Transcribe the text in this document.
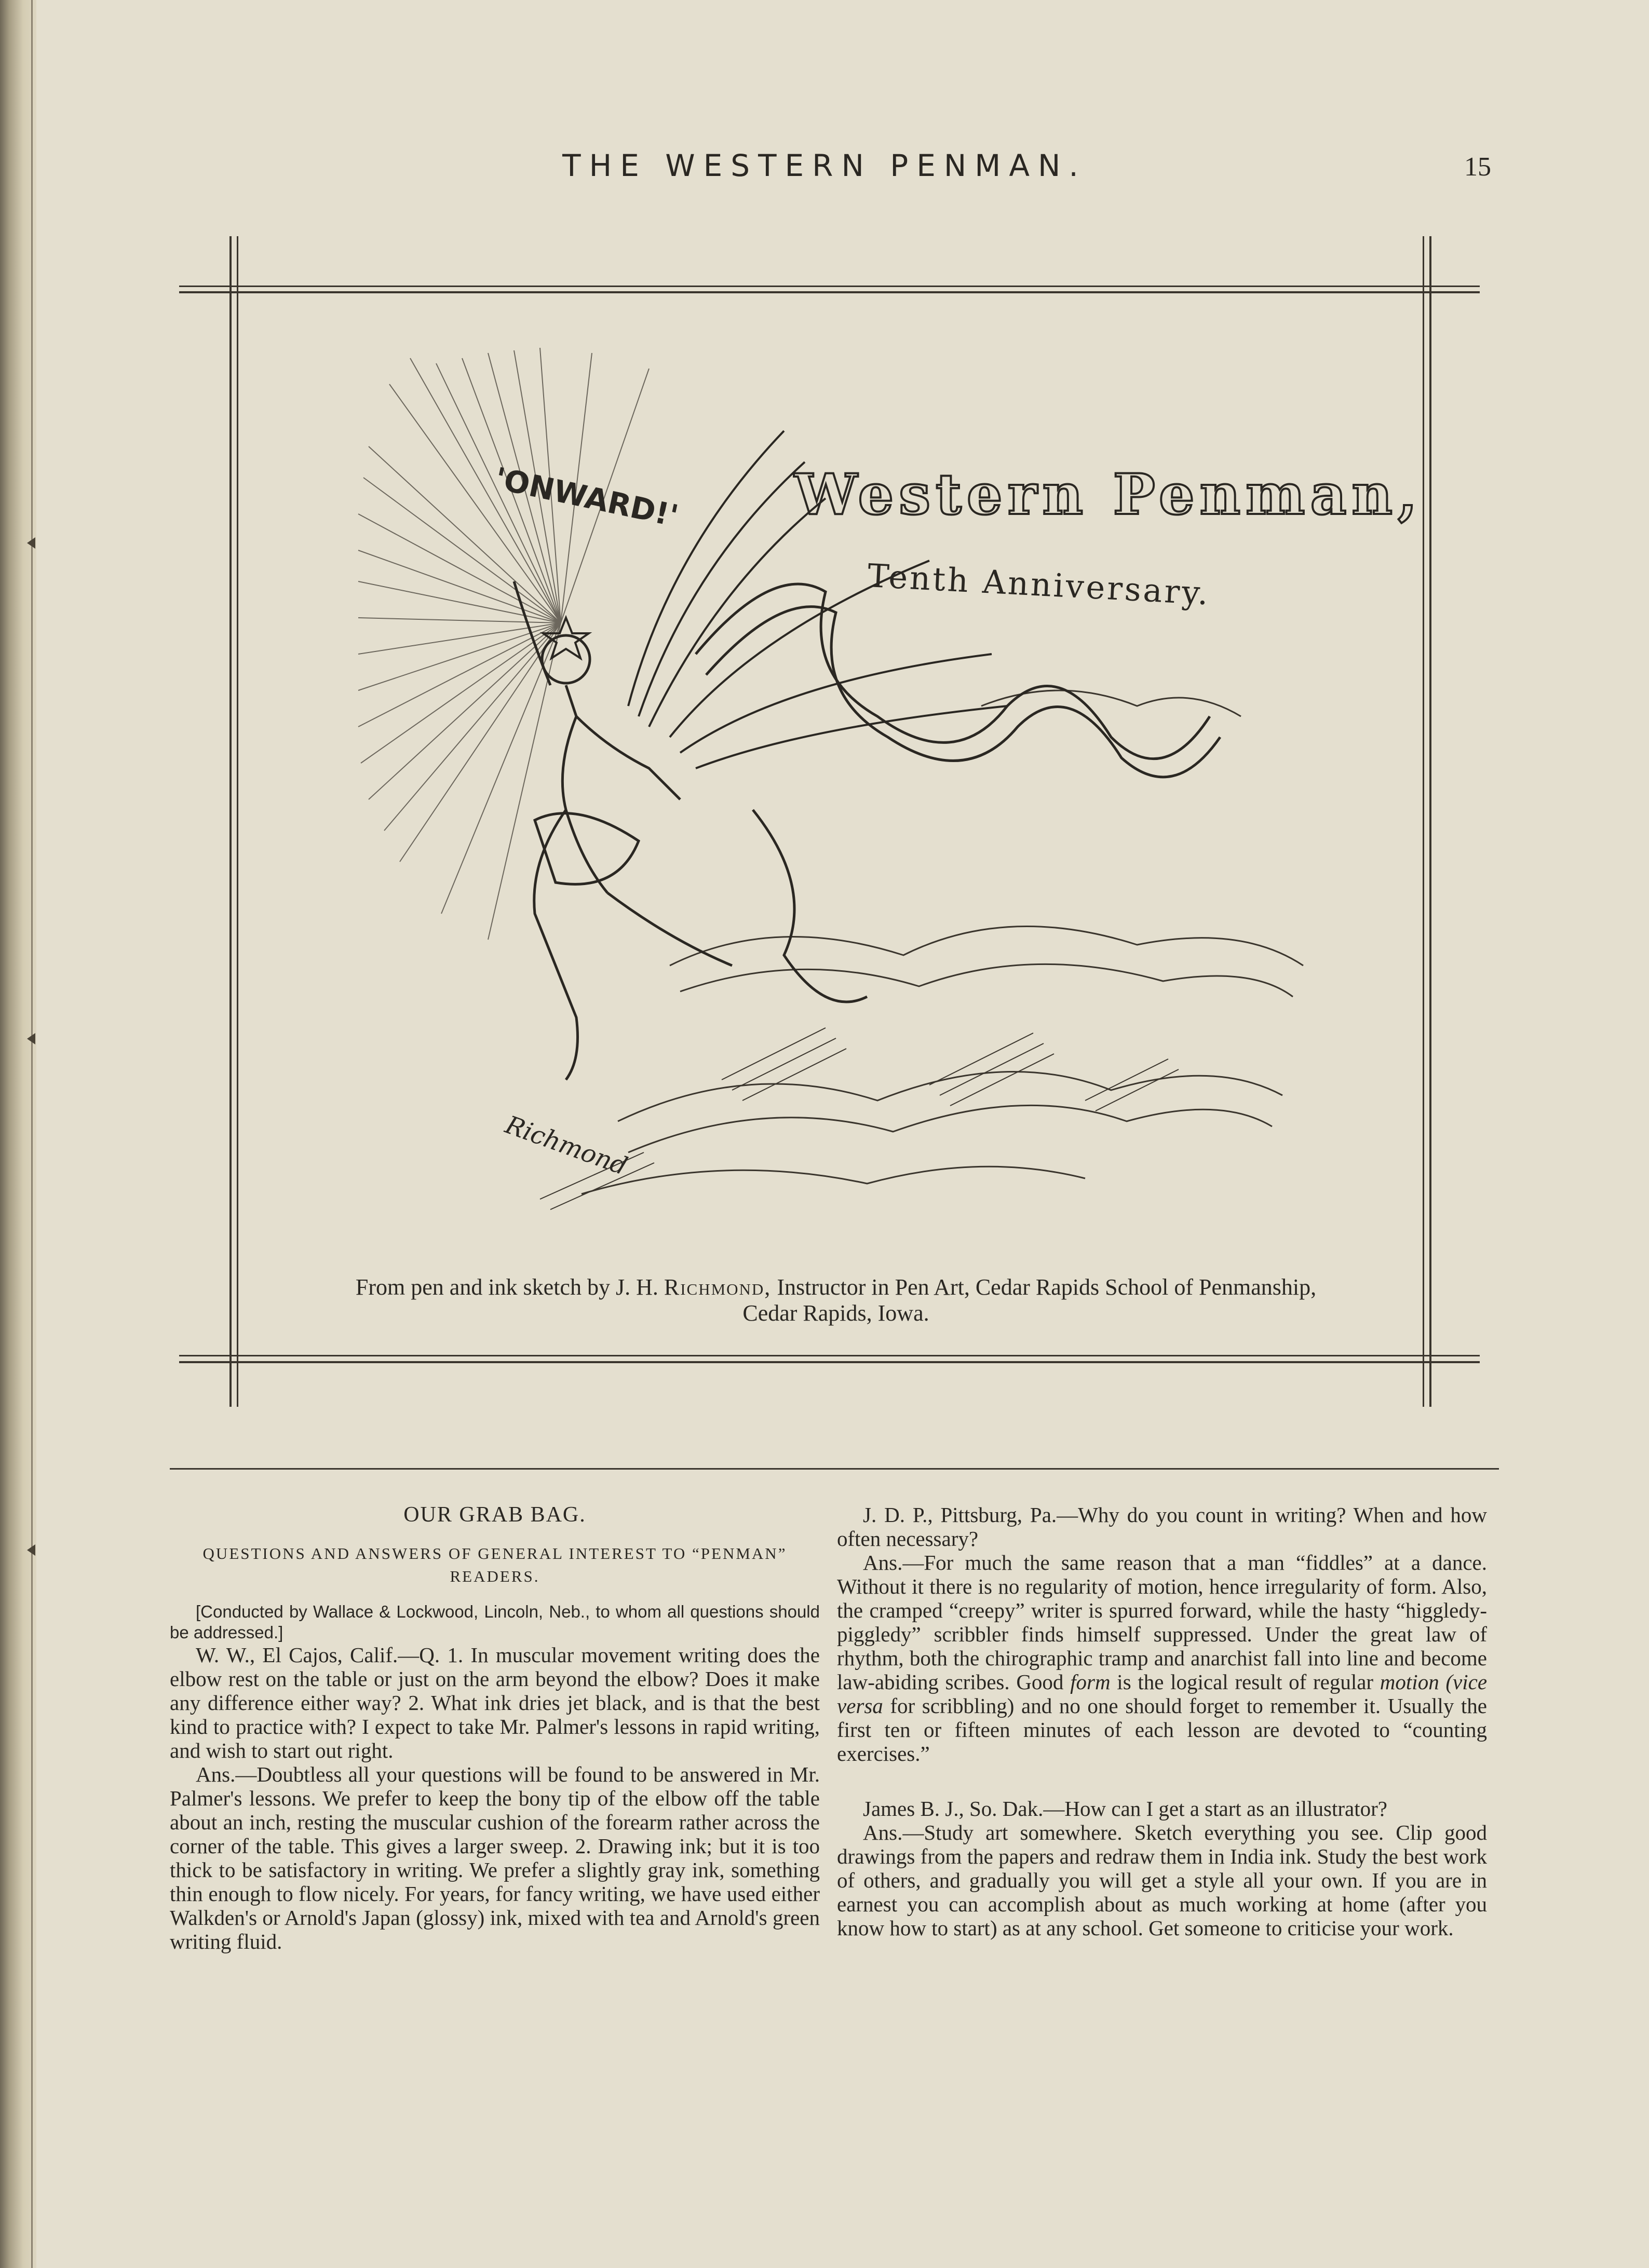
THE WESTERN PENMAN.	15
'ONWARD!' Western Penman,
Tenth Anniversary.
Richmond
From pen and ink sketch by J. H. Richmond, Instructor in Pen Art, Cedar Rapids School of Penmanship,
Cedar Rapids, Iowa.
OUR GRAB BAG.
QUESTIONS AND ANSWERS OF GENERAL INTEREST TO “PENMAN” READERS.

[Conducted by Wallace & Lockwood, Lincoln, Neb., to whom all questions should be addressed.]

W. W., El Cajos, Calif.—Q. 1. In muscular movement writing does the elbow rest on the table or just on the arm beyond the elbow? Does it make any difference either way? 2. What ink dries jet black, and is that the best kind to practice with? I expect to take Mr. Palmer's lessons in rapid writing, and wish to start out right.

Ans.—Doubtless all your questions will be found to be answered in Mr. Palmer's lessons. We prefer to keep the bony tip of the elbow off the table about an inch, resting the muscular cushion of the forearm rather across the corner of the table. This gives a larger sweep. 2. Drawing ink; but it is too thick to be satisfactory in writing. We prefer a slightly gray ink, something thin enough to flow nicely. For years, for fancy writing, we have used either Walkden's or Arnold's Japan (glossy) ink, mixed with tea and Arnold's green writing fluid.

J. D. P., Pittsburg, Pa.—Why do you count in writing? When and how often necessary?

Ans.—For much the same reason that a man “fiddles” at a dance. Without it there is no regularity of motion, hence irregularity of form. Also, the cramped “creepy” writer is spurred forward, while the hasty “higgledy-piggledy” scribbler finds himself suppressed. Under the great law of rhythm, both the chirographic tramp and anarchist fall into line and become law-abiding scribes. Good form is the logical result of regular motion (vice versa for scribbling) and no one should forget to remember it. Usually the first ten or fifteen minutes of each lesson are devoted to “counting exercises.”

James B. J., So. Dak.—How can I get a start as an illustrator?

Ans.—Study art somewhere. Sketch everything you see. Clip good drawings from the papers and redraw them in India ink. Study the best work of others, and gradually you will get a style all your own. If you are in earnest you can accomplish about as much working at home (after you know how to start) as at any school. Get someone to criticise your work.
